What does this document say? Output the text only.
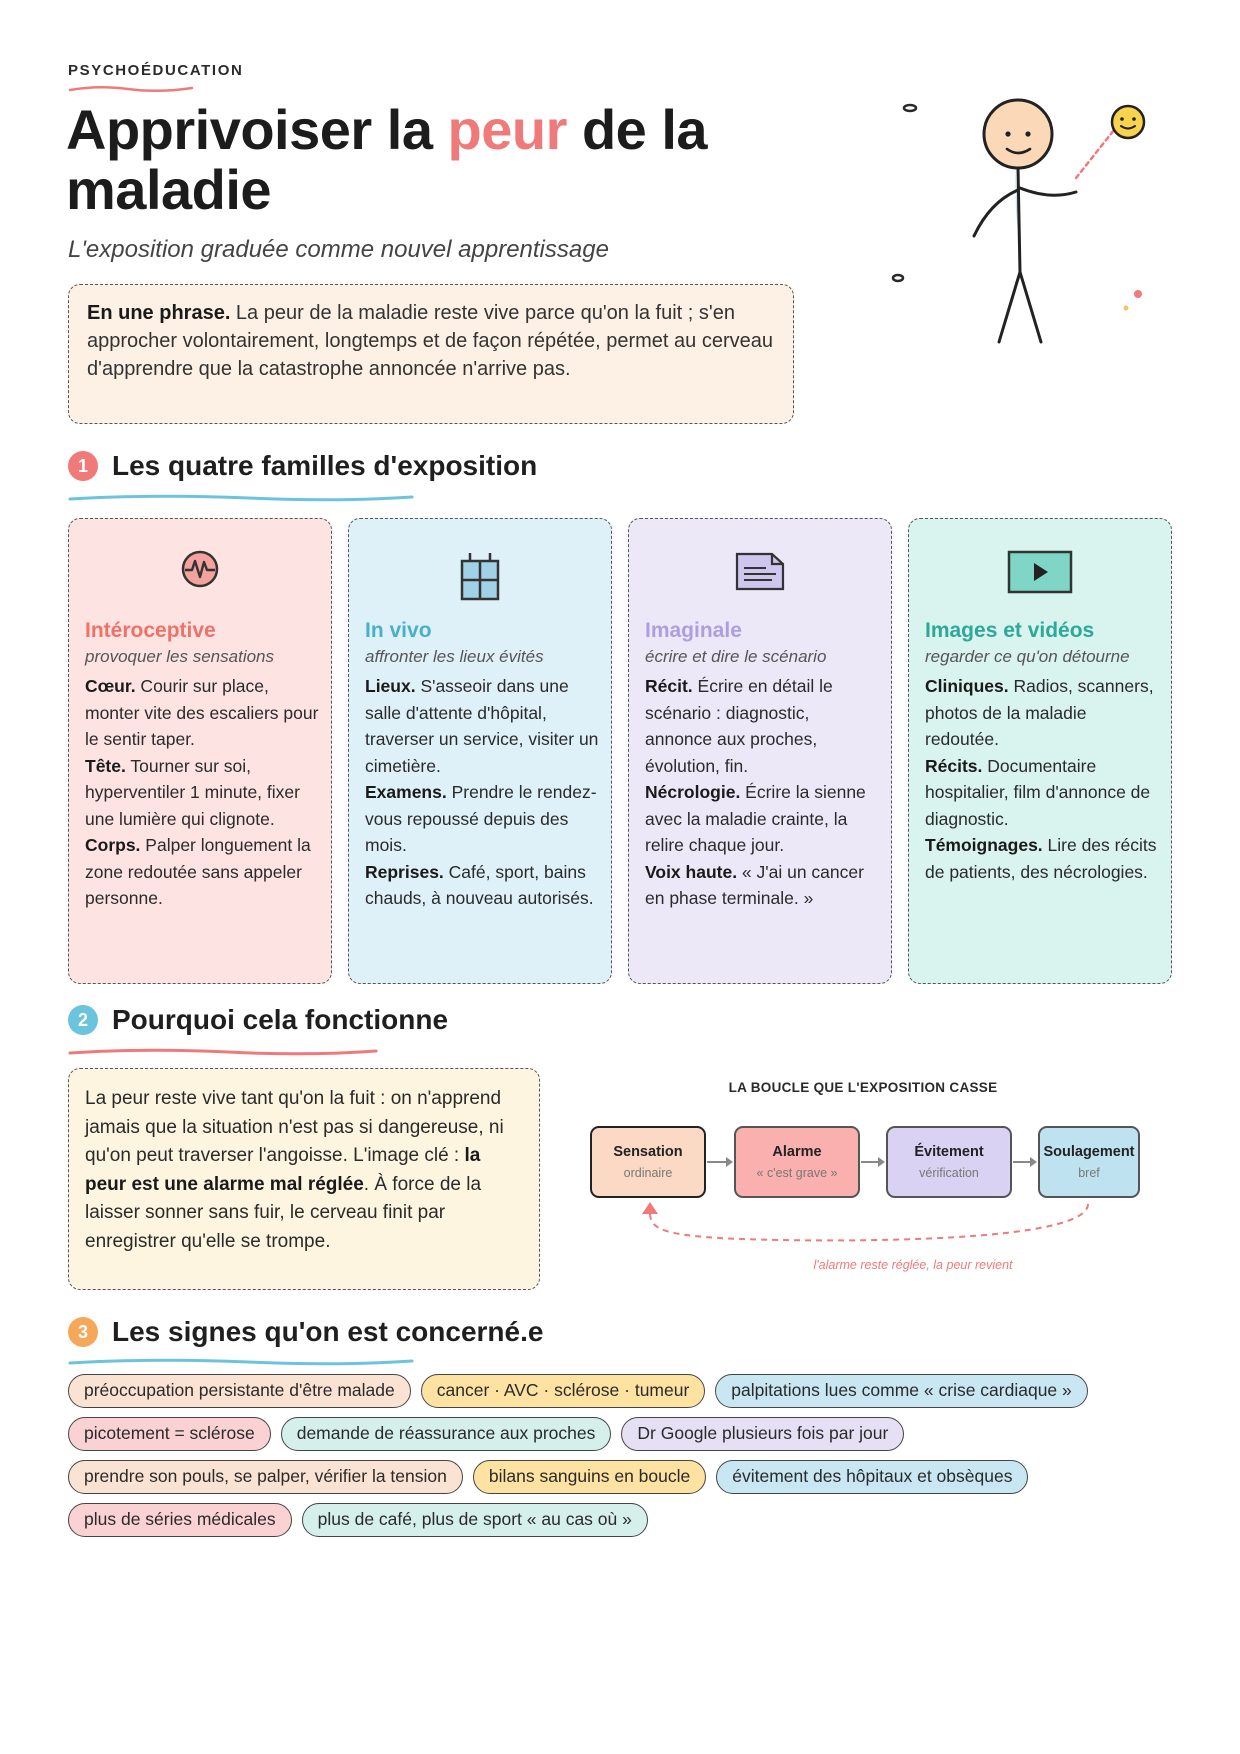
PSYCHOÉDUCATION
Apprivoiser la peur de la maladie
L'exposition graduée comme nouvel apprentissage
En une phrase. La peur de la maladie reste vive parce qu'on la fuit ; s'en approcher volontairement, longtemps et de façon répétée, permet au cerveau d'apprendre que la catastrophe annoncée n'arrive pas.
1 Les quatre familles d'exposition
Intéroceptive
provoquer les sensations
Cœur. Courir sur place, monter vite des escaliers pour le sentir taper.
Tête. Tourner sur soi, hyperventiler 1 minute, fixer une lumière qui clignote.
Corps. Palper longuement la zone redoutée sans appeler personne.
In vivo
affronter les lieux évités
Lieux. S'asseoir dans une salle d'attente d'hôpital, traverser un service, visiter un cimetière.
Examens. Prendre le rendez-vous repoussé depuis des mois.
Reprises. Café, sport, bains chauds, à nouveau autorisés.
Imaginale
écrire et dire le scénario
Récit. Écrire en détail le scénario : diagnostic, annonce aux proches, évolution, fin.
Nécrologie. Écrire la sienne avec la maladie crainte, la relire chaque jour.
Voix haute. « J'ai un cancer en phase terminale. »
Images et vidéos
regarder ce qu'on détourne
Cliniques. Radios, scanners, photos de la maladie redoutée.
Récits. Documentaire hospitalier, film d'annonce de diagnostic.
Témoignages. Lire des récits de patients, des nécrologies.
2 Pourquoi cela fonctionne
La peur reste vive tant qu'on la fuit : on n'apprend jamais que la situation n'est pas si dangereuse, ni qu'on peut traverser l'angoisse. L'image clé : la peur est une alarme mal réglée. À force de la laisser sonner sans fuir, le cerveau finit par enregistrer qu'elle se trompe.
LA BOUCLE QUE L'EXPOSITION CASSE
Sensation
ordinaire
Alarme
« c'est grave »
Évitement
vérification
Soulagement
bref
l'alarme reste réglée, la peur revient
3 Les signes qu'on est concerné.e
préoccupation persistante d'être malade	cancer · AVC · sclérose · tumeur	palpitations lues comme « crise cardiaque »
picotement = sclérose	demande de réassurance aux proches	Dr Google plusieurs fois par jour
prendre son pouls, se palper, vérifier la tension	bilans sanguins en boucle	évitement des hôpitaux et obsèques
plus de séries médicales	plus de café, plus de sport « au cas où »
